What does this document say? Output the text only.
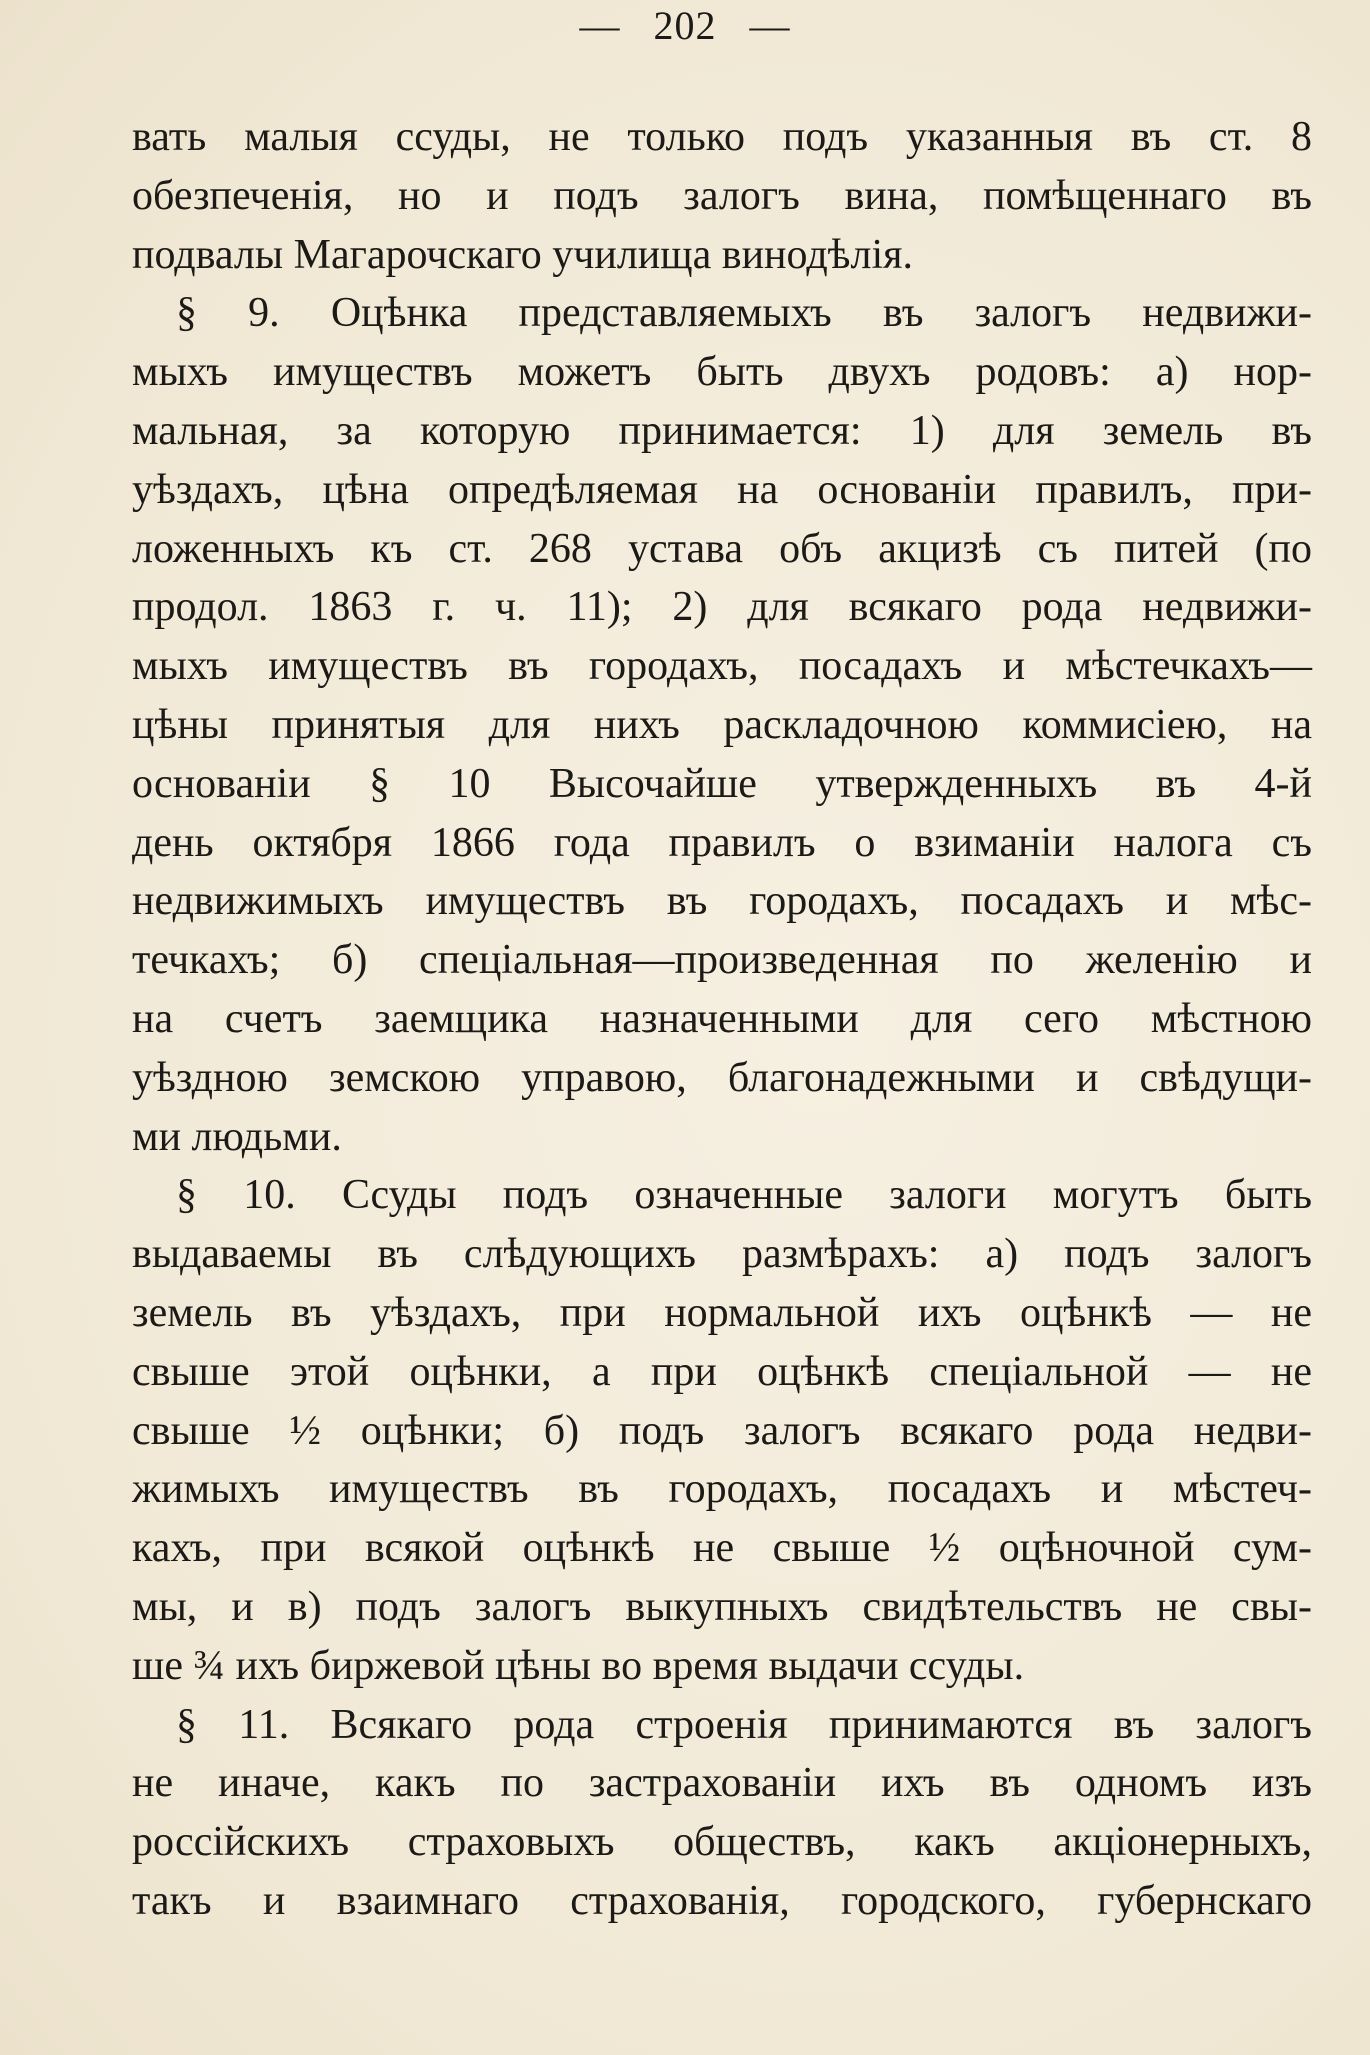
— 202 —
вать малыя ссуды, не только подъ указанныя въ ст. 8
обезпеченія, но и подъ залогъ вина, помѣщеннаго въ
подвалы Магарочскаго училища винодѣлія.
§ 9. Оцѣнка представляемыхъ въ залогъ недвижи-
мыхъ имуществъ можетъ быть двухъ родовъ: а) нор-
мальная, за которую принимается: 1) для земель въ
уѣздахъ, цѣна опредѣляемая на основаніи правилъ, при-
ложенныхъ къ ст. 268 устава объ акцизѣ съ питей (по
продол. 1863 г. ч. 11); 2) для всякаго рода недвижи-
мыхъ имуществъ въ городахъ, посадахъ и мѣстечкахъ—
цѣны принятыя для нихъ раскладочною коммисіею, на
основаніи § 10 Высочайше утвержденныхъ въ 4-й
день октября 1866 года правилъ о взиманіи налога съ
недвижимыхъ имуществъ въ городахъ, посадахъ и мѣс-
течкахъ; б) спеціальная—произведенная по желенію и
на счетъ заемщика назначенными для сего мѣстною
уѣздною земскою управою, благонадежными и свѣдущи-
ми людьми.
§ 10. Ссуды подъ означенные залоги могутъ быть
выдаваемы въ слѣдующихъ размѣрахъ: а) подъ залогъ
земель въ уѣздахъ, при нормальной ихъ оцѣнкѣ — не
свыше этой оцѣнки, а при оцѣнкѣ спеціальной — не
свыше ½ оцѣнки; б) подъ залогъ всякаго рода недви-
жимыхъ имуществъ въ городахъ, посадахъ и мѣстеч-
кахъ, при всякой оцѣнкѣ не свыше ½ оцѣночной сум-
мы, и в) подъ залогъ выкупныхъ свидѣтельствъ не свы-
ше ¾ ихъ биржевой цѣны во время выдачи ссуды.
§ 11. Всякаго рода строенія принимаются въ залогъ
не иначе, какъ по застрахованіи ихъ въ одномъ изъ
россійскихъ страховыхъ обществъ, какъ акціонерныхъ,
такъ и взаимнаго страхованія, городского, губернскаго
